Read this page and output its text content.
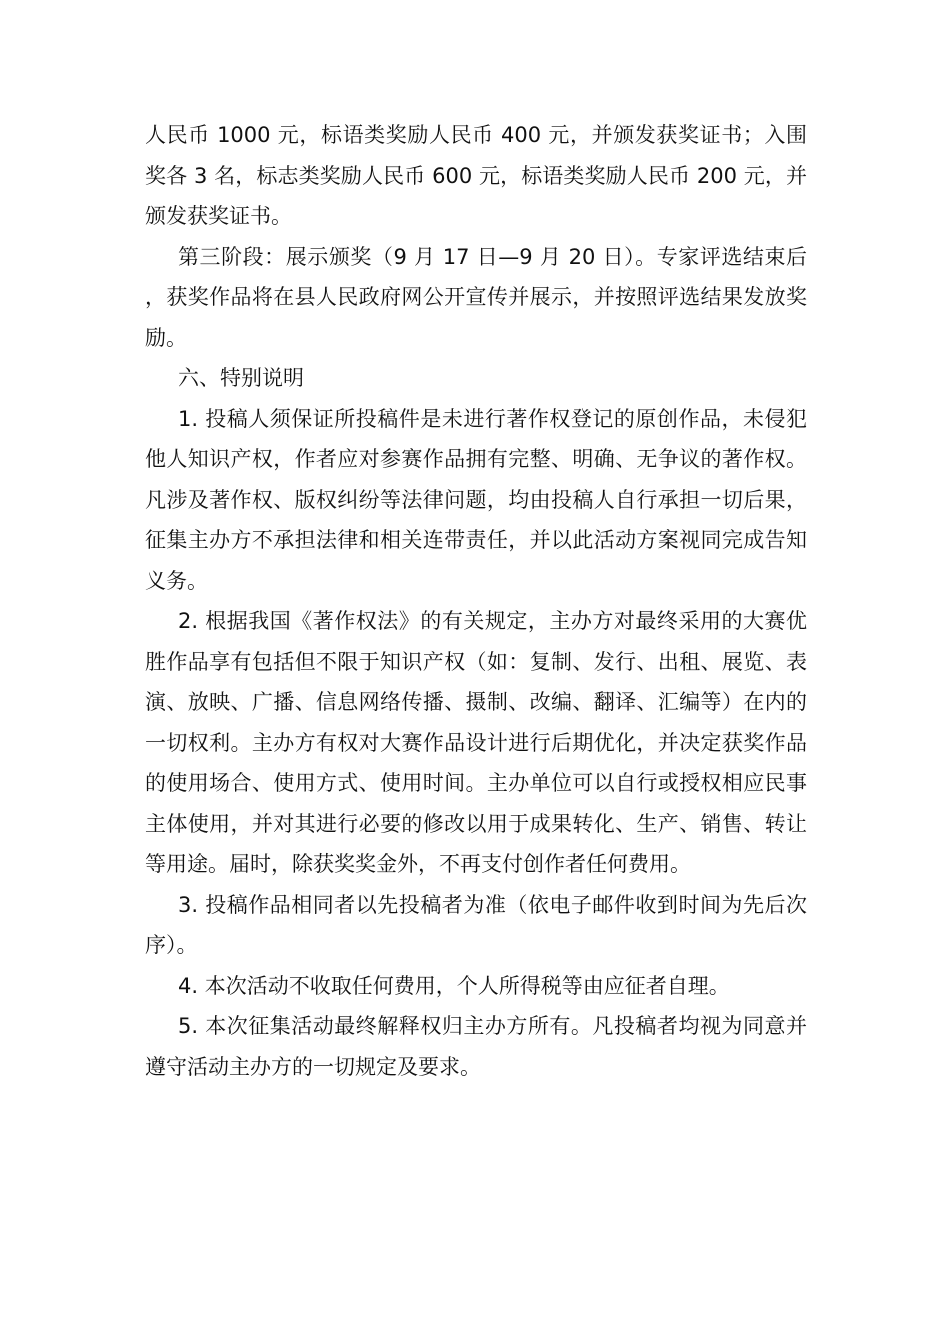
人民币 1000 元，标语类奖励人民币 400 元，并颁发获奖证书；入围奖各 3 名，标志类奖励人民币 600 元，标语类奖励人民币 200 元，并颁发获奖证书。

第三阶段：展示颁奖（9 月 17 日—9 月 20 日）。专家评选结束后，获奖作品将在县人民政府网公开宣传并展示，并按照评选结果发放奖励。

六、特别说明

1. 投稿人须保证所投稿件是未进行著作权登记的原创作品，未侵犯他人知识产权，作者应对参赛作品拥有完整、明确、无争议的著作权。凡涉及著作权、版权纠纷等法律问题，均由投稿人自行承担一切后果，征集主办方不承担法律和相关连带责任，并以此活动方案视同完成告知义务。

2. 根据我国《著作权法》的有关规定，主办方对最终采用的大赛优胜作品享有包括但不限于知识产权（如：复制、发行、出租、展览、表演、放映、广播、信息网络传播、摄制、改编、翻译、汇编等）在内的一切权利。主办方有权对大赛作品设计进行后期优化，并决定获奖作品的使用场合、使用方式、使用时间。主办单位可以自行或授权相应民事主体使用，并对其进行必要的修改以用于成果转化、生产、销售、转让等用途。届时，除获奖奖金外，不再支付创作者任何费用。

3. 投稿作品相同者以先投稿者为准（依电子邮件收到时间为先后次序）。

4. 本次活动不收取任何费用，个人所得税等由应征者自理。

5. 本次征集活动最终解释权归主办方所有。凡投稿者均视为同意并遵守活动主办方的一切规定及要求。
